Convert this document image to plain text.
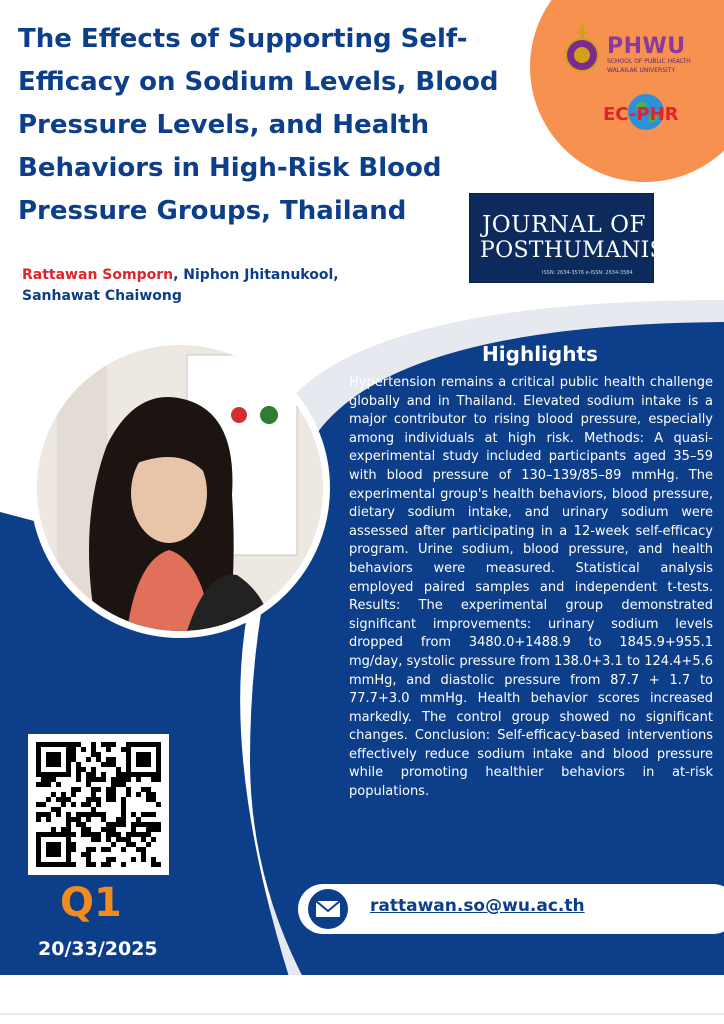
The Effects of Supporting Self-Efficacy on Sodium Levels, Blood Pressure Levels, and Health Behaviors in High-Risk Blood Pressure Groups, Thailand
PHWU
SCHOOL OF PUBLIC HEALTH
WALAILAK UNIVERSITY
EC-PHR
JOURNAL OF
POSTHUMANISM
ISSN: 2634-3576 e-ISSN: 2634-3584
Rattawan Somporn, Niphon Jhitanukool,
Sanhawat Chaiwong
Highlights

Hypertension remains a critical public health challenge globally and in Thailand. Elevated sodium intake is a major contributor to rising blood pressure, especially among individuals at high risk. Methods: A quasi-experimental study included participants aged 35–59 with blood pressure of 130–139/85–89 mmHg. The experimental group's health behaviors, blood pressure, dietary sodium intake, and urinary sodium were assessed after participating in a 12-week self-efficacy program. Urine sodium, blood pressure, and health behaviors were measured. Statistical analysis employed paired samples and independent t-tests. Results: The experimental group demonstrated significant improvements: urinary sodium levels dropped from 3480.0+1488.9 to 1845.9+955.1 mg/day, systolic pressure from 138.0+3.1 to 124.4+5.6 mmHg, and diastolic pressure from 87.7 + 1.7 to 77.7+3.0 mmHg. Health behavior scores increased markedly. The control group showed no significant changes. Conclusion: Self-efficacy-based interventions effectively reduce sodium intake and blood pressure while promoting healthier behaviors in at-risk populations.

Q1
20/33/2025
rattawan.so@wu.ac.th
